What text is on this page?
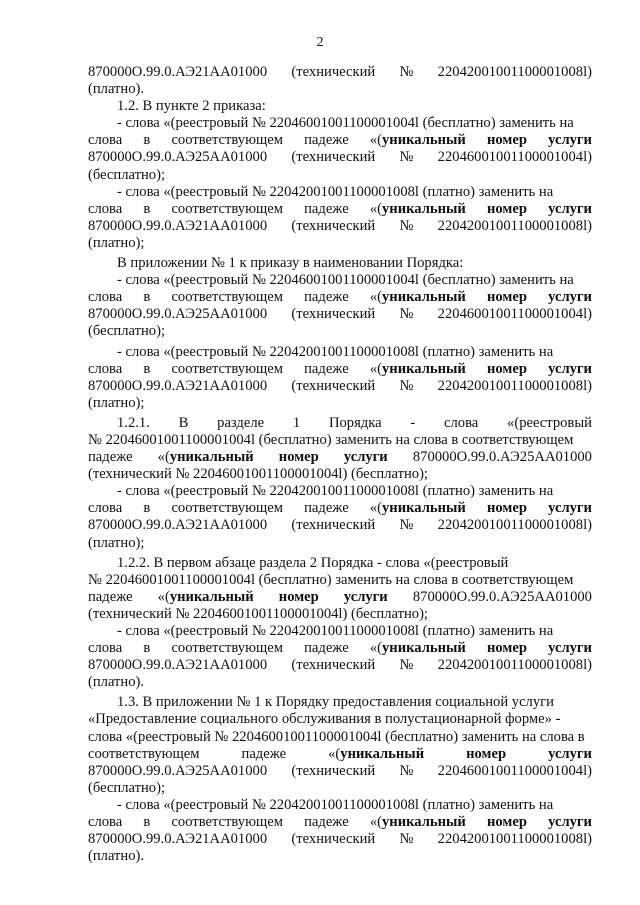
2
870000О.99.0.АЭ21АА01000 (технический № 22042001001100001008l)
(платно).

1.2. В пункте 2 приказа:

- слова «(реестровый № 22046001001100001004l (бесплатно) заменить на
слова в соответствующем падеже «(уникальный номер услуги
870000О.99.0.АЭ25АА01000 (технический № 22046001001100001004l)
(бесплатно);

- слова «(реестровый № 22042001001100001008l (платно) заменить на
слова в соответствующем падеже «(уникальный номер услуги
870000О.99.0.АЭ21АА01000 (технический № 22042001001100001008l)
(платно);

В приложении № 1 к приказу в наименовании Порядка:

- слова «(реестровый № 22046001001100001004l (бесплатно) заменить на
слова в соответствующем падеже «(уникальный номер услуги
870000О.99.0.АЭ25АА01000 (технический № 22046001001100001004l)
(бесплатно);

- слова «(реестровый № 22042001001100001008l (платно) заменить на
слова в соответствующем падеже «(уникальный номер услуги
870000О.99.0.АЭ21АА01000 (технический № 22042001001100001008l)
(платно);

1.2.1. В разделе 1 Порядка - слова «(реестровый
№ 22046001001100001004l (бесплатно) заменить на слова в соответствующем
падеже «(уникальный номер услуги 870000О.99.0.АЭ25АА01000
(технический № 22046001001100001004l) (бесплатно);

- слова «(реестровый № 22042001001100001008l (платно) заменить на
слова в соответствующем падеже «(уникальный номер услуги
870000О.99.0.АЭ21АА01000 (технический № 22042001001100001008l)
(платно);

1.2.2. В первом абзаце раздела 2 Порядка - слова «(реестровый
№ 22046001001100001004l (бесплатно) заменить на слова в соответствующем
падеже «(уникальный номер услуги 870000О.99.0.АЭ25АА01000
(технический № 22046001001100001004l) (бесплатно);

- слова «(реестровый № 22042001001100001008l (платно) заменить на
слова в соответствующем падеже «(уникальный номер услуги
870000О.99.0.АЭ21АА01000 (технический № 22042001001100001008l)
(платно).

1.3. В приложении № 1 к Порядку предоставления социальной услуги
«Предоставление социального обслуживания в полустационарной форме» -
слова «(реестровый № 22046001001100001004l (бесплатно) заменить на слова в
соответствующем	падеже	«(уникальный	номер	услуги
870000О.99.0.АЭ25АА01000 (технический № 22046001001100001004l)
(бесплатно);

- слова «(реестровый № 22042001001100001008l (платно) заменить на
слова в соответствующем падеже «(уникальный номер услуги
870000О.99.0.АЭ21АА01000 (технический № 22042001001100001008l)
(платно).
